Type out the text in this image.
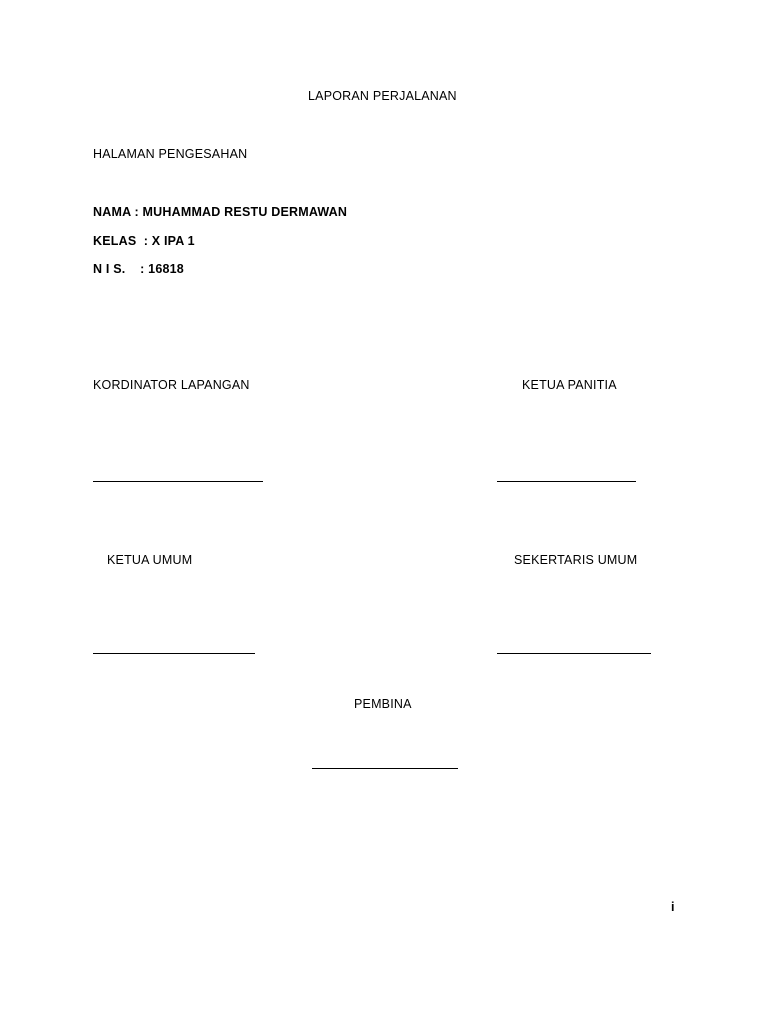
LAPORAN PERJALANAN
HALAMAN PENGESAHAN
NAMA : MUHAMMAD RESTU DERMAWAN
KELAS  : X IPA 1
N I S.    : 16818
KORDINATOR LAPANGAN	KETUA PANITIA
KETUA UMUM	SEKERTARIS UMUM
PEMBINA
i
